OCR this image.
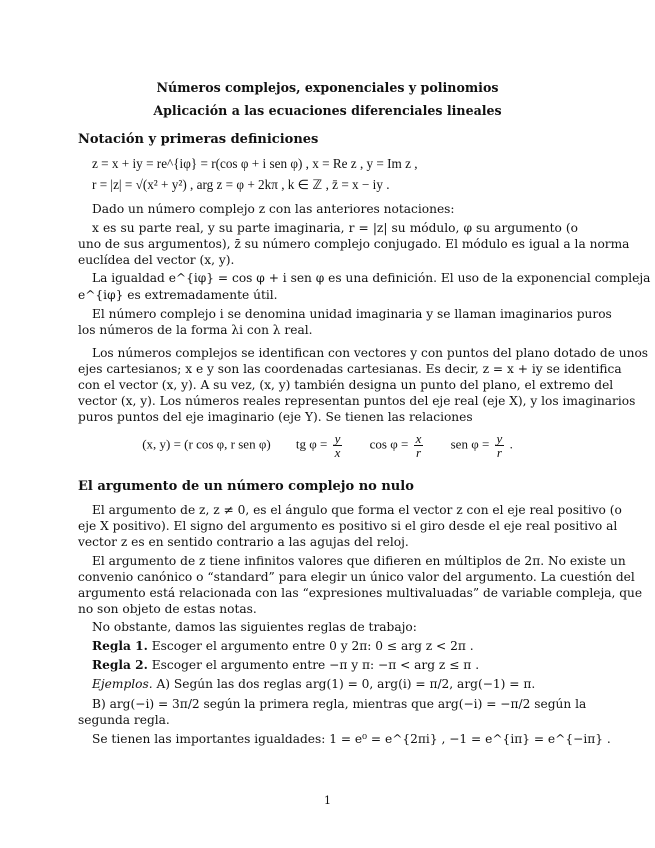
Números complejos, exponenciales y polinomios
Aplicación a las ecuaciones diferenciales lineales
Notación y primeras definiciones
z = x + iy = re^{iφ} = r(cos φ + i sen φ) , x = Re z , y = Im z ,
r = |z| = √(x² + y²) , arg z = φ + 2kπ , k ∈ ℤ , z̄ = x − iy .
Dado un número complejo z con las anteriores notaciones:
x es su parte real, y su parte imaginaria, r = |z| su módulo, φ su argumento (o
uno de sus argumentos), z̄ su número complejo conjugado. El módulo es igual a la norma
euclídea del vector (x, y).
La igualdad e^{iφ} = cos φ + i sen φ es una definición. El uso de la exponencial compleja
e^{iφ} es extremadamente útil.
El número complejo i se denomina unidad imaginaria y se llaman imaginarios puros
los números de la forma λi con λ real.
Los números complejos se identifican con vectores y con puntos del plano dotado de unos
ejes cartesianos; x e y son las coordenadas cartesianas. Es decir, z = x + iy se identifica
con el vector (x, y). A su vez, (x, y) también designa un punto del plano, el extremo del
vector (x, y). Los números reales representan puntos del eje real (eje X), y los imaginarios
puros puntos del eje imaginario (eje Y). Se tienen las relaciones
(x, y) = (r cos φ, r sen φ) tg $\varphi = \frac{y}{x}$ $\cos \varphi = \frac{x}{r}$ sen $\varphi = \frac{y}{r}$ .
El argumento de un número complejo no nulo
El argumento de z, z ≠ 0, es el ángulo que forma el vector z con el eje real positivo (o
eje X positivo). El signo del argumento es positivo si el giro desde el eje real positivo al
vector z es en sentido contrario a las agujas del reloj.
El argumento de z tiene infinitos valores que difieren en múltiplos de 2π. No existe un
convenio canónico o “standard” para elegir un único valor del argumento. La cuestión del
argumento está relacionada con las “expresiones multivaluadas” de variable compleja, que
no son objeto de estas notas.
No obstante, damos las siguientes reglas de trabajo:
Regla 1. Escoger el argumento entre 0 y 2π: 0 ≤ arg z < 2π .
Regla 2. Escoger el argumento entre −π y π: −π < arg z ≤ π .
Ejemplos. A) Según las dos reglas arg(1) = 0, arg(i) = π/2, arg(−1) = π.
B) arg(−i) = 3π/2 según la primera regla, mientras que arg(−i) = −π/2 según la
segunda regla.
Se tienen las importantes igualdades: 1 = e⁰ = e^{2πi} , −1 = e^{iπ} = e^{−iπ} .
1
